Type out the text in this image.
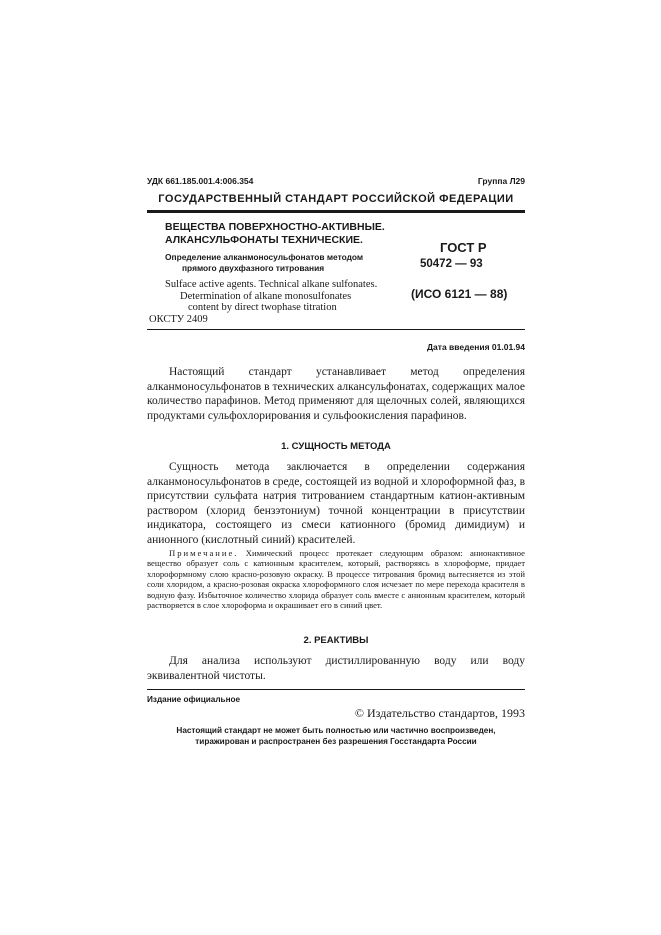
УДК 661.185.001.4:006.354	Группа Л29
ГОСУДАРСТВЕННЫЙ СТАНДАРТ РОССИЙСКОЙ ФЕДЕРАЦИИ
ВЕЩЕСТВА ПОВЕРХНОСТНО-АКТИВНЫЕ.
АЛКАНСУЛЬФОНАТЫ ТЕХНИЧЕСКИЕ.
Определение алканмоносульфонатов методом
прямого двухфазного титрования
Sulface active agents. Technical alkane sulfonates.
Determination of alkane monosulfonates
content by direct twophase titration
ОКСТУ 2409
ГОСТ Р
50472 — 93
(ИСО 6121 — 88)
Дата введения 01.01.94
Настоящий стандарт устанавливает метод определения алканмоносульфонатов в технических алкансульфонатах, содержащих малое количество парафинов. Метод применяют для щелочных солей, являющихся продуктами сульфохлорирования и сульфоокисления парафинов.
1. СУЩНОСТЬ МЕТОДА
Сущность метода заключается в определении содержания алканмоносульфонатов в среде, состоящей из водной и хлороформной фаз, в присутствии сульфата натрия титрованием стандартным катион-активным раствором (хлорид бензэтониум) точной концентрации в присутствии индикатора, состоящего из смеси катионного (бромид димидиум) и анионного (кислотный синий) красителей.
Примечание. Химический процесс протекает следующим образом: анионактивное вещество образует соль с катионным красителем, который, растворяясь в хлороформе, придает хлороформному слою красно-розовую окраску. В процессе титрования бромид вытесняется из этой соли хлоридом, а красно-розовая окраска хлороформного слоя исчезает по мере перехода красителя в водную фазу. Избыточное количество хлорида образует соль вместе с анионным красителем, который растворяется в слое хлороформа и окрашивает его в синий цвет.
2. РЕАКТИВЫ
Для анализа используют дистиллированную воду или воду эквивалентной чистоты.
Издание официальное
© Издательство стандартов, 1993
Настоящий стандарт не может быть полностью или частично воспроизведен,
тиражирован и распространен без разрешения Госстандарта России
